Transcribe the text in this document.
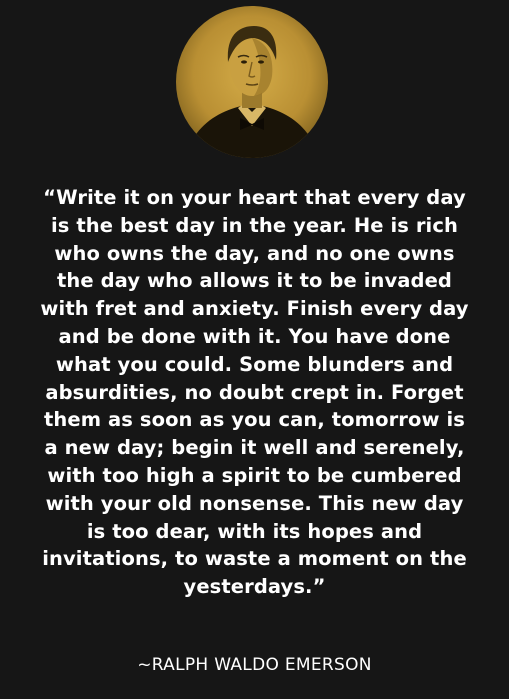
“Write it on your heart that every day
is the best day in the year. He is rich
who owns the day, and no one owns
the day who allows it to be invaded
with fret and anxiety. Finish every day
and be done with it. You have done
what you could. Some blunders and
absurdities, no doubt crept in. Forget
them as soon as you can, tomorrow is
a new day; begin it well and serenely,
with too high a spirit to be cumbered
with your old nonsense. This new day
is too dear, with its hopes and
invitations, to waste a moment on the
yesterdays.”
~RALPH WALDO EMERSON
